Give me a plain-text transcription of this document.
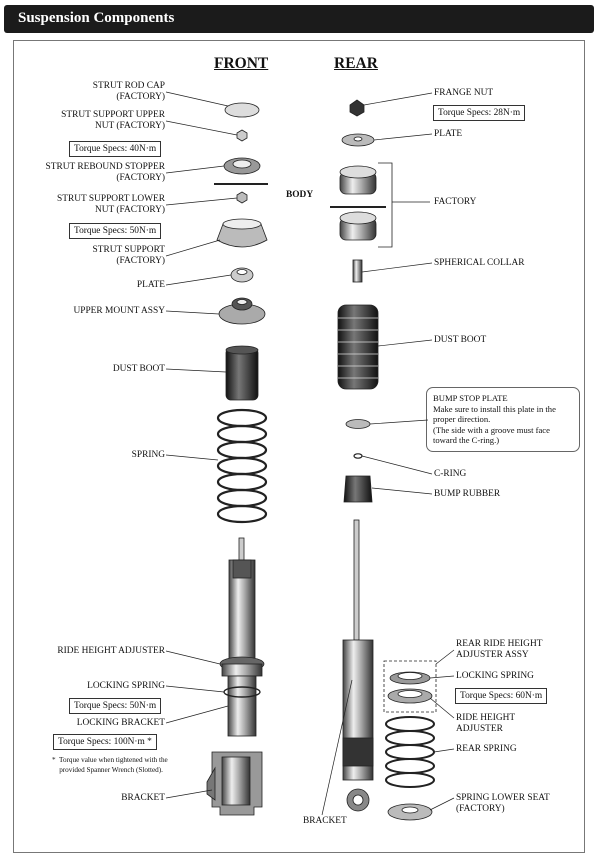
Suspension Components
FRONT	REAR
BODY
STRUT ROD CAP
(FACTORY)
STRUT SUPPORT UPPER
NUT (FACTORY)
Torque Specs: 40N·m
STRUT REBOUND STOPPER
(FACTORY)
STRUT SUPPORT LOWER
NUT (FACTORY)
Torque Specs: 50N·m
STRUT SUPPORT
(FACTORY)
PLATE
UPPER MOUNT ASSY
DUST BOOT
SPRING
RIDE HEIGHT ADJUSTER
LOCKING SPRING
Torque Specs: 50N·m
LOCKING BRACKET
Torque Specs: 100N·m *
*  Torque value when tightened with the
provided Spanner Wrench (Slotted).
BRACKET
FRANGE NUT
Torque Specs: 28N·m
PLATE
FACTORY
SPHERICAL COLLAR
DUST BOOT
BUMP STOP PLATE
Make sure to install this plate in the
proper direction.
(The side with a groove must face
toward the C-ring.)
C-RING
BUMP RUBBER
BRACKET
REAR RIDE HEIGHT
ADJUSTER ASSY
LOCKING SPRING
Torque Specs: 60N·m
RIDE HEIGHT
ADJUSTER
REAR SPRING
SPRING LOWER SEAT
(FACTORY)
